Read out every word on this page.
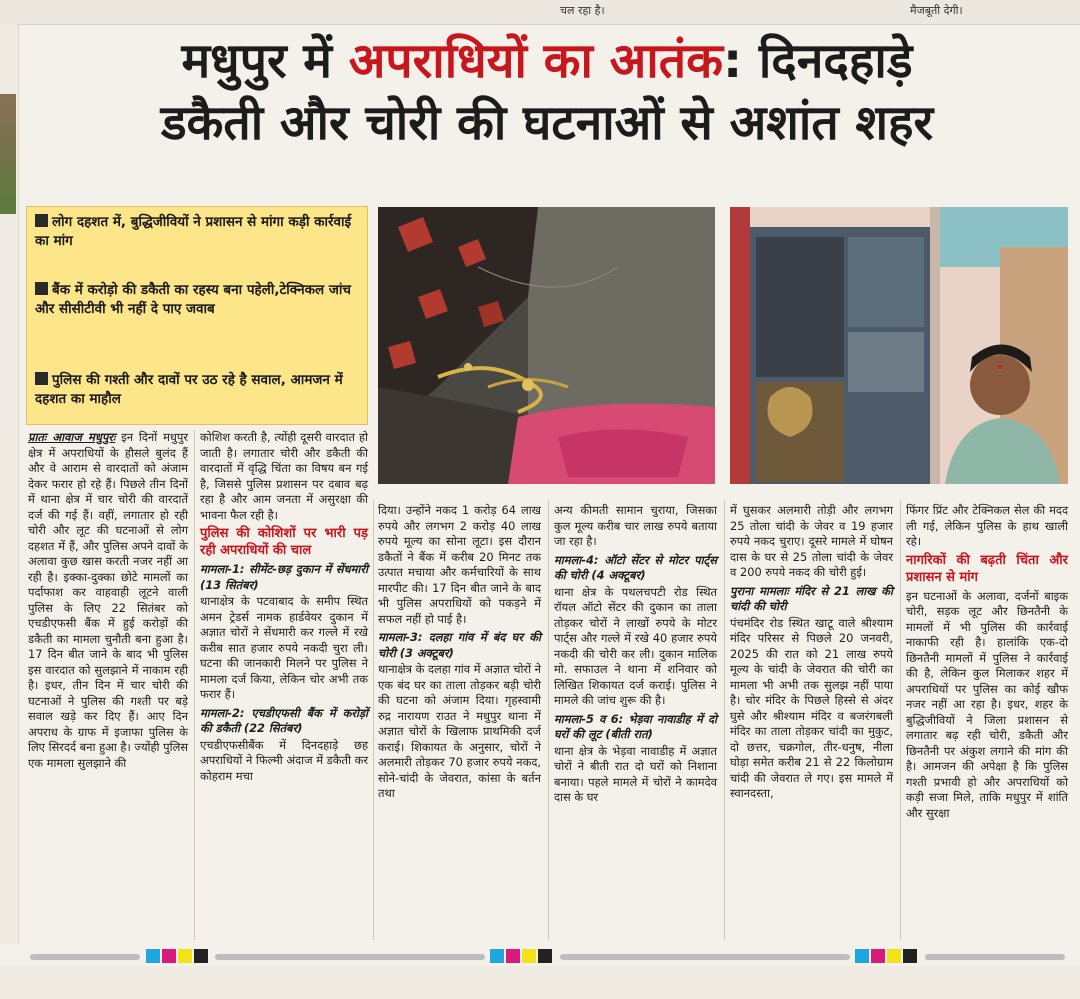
चल रहा है।	मैजबूती देगी।
मधुपुर में अपराधियों का आतंक: दिनदहाड़े
डकैती और चोरी की घटनाओं से अशांत शहर
लोग दहशत में, बुद्धिजीवियों ने प्रशासन से मांगा कड़ी कार्रवाई का मांग
बैंक में करोड़ो की डकैती का रहस्य बना पहेली,टेक्निकल जांच और सीसीटीवी भी नहीं दे पाए जवाब
पुलिस की गश्ती और दावों पर उठ रहे है सवाल, आमजन में दहशत का माहौल

प्रातः आवाज मधुपुरः इन दिनों मधुपुर क्षेत्र में अपराधियों के हौसले बुलंद हैं और वे आराम से वारदातों को अंजाम देकर फरार हो रहे हैं। पिछले तीन दिनों में थाना क्षेत्र में चार चोरी की वारदातें दर्ज की गई हैं। वहीं, लगातार हो रही चोरी और लूट की घटनाओं से लोग दहशत में हैं, और पुलिस अपने दावों के अलावा कुछ खास करती नजर नहीं आ रही है। इक्का-दुक्का छोटे मामलों का पर्दाफाश कर वाहवाही लूटने वाली पुलिस के लिए 22 सितंबर को एचडीएफसी बैंक में हुई करोड़ों की डकैती का मामला चुनौती बना हुआ है। 17 दिन बीत जाने के बाद भी पुलिस इस वारदात को सुलझाने में नाकाम रही है। इधर, तीन दिन में चार चोरी की घटनाओं ने पुलिस की गश्ती पर बड़े सवाल खड़े कर दिए हैं। आए दिन अपराध के ग्राफ में इजाफा पुलिस के लिए सिरदर्द बना हुआ है। ज्योंही पुलिस एक मामला सुलझाने की

कोशिश करती है, त्योंही दूसरी वारदात हो जाती है। लगातार चोरी और डकैती की वारदातों में वृद्धि चिंता का विषय बन गई है, जिससे पुलिस प्रशासन पर दबाव बढ़ रहा है और आम जनता में असुरक्षा की भावना फैल रही है।

पुलिस की कोशिशों पर भारी पड़ रही अपराधियों की चाल
मामला-1: सीमेंट-छड़ दुकान में सेंधमारी (13 सितंबर)

थानाक्षेत्र के पटवाबाद के समीप स्थित अमन ट्रेडर्स नामक हार्डवेयर दुकान में अज्ञात चोरों ने सेंधमारी कर गल्ले में रखे करीब सात हजार रुपये नकदी चुरा ली। घटना की जानकारी मिलने पर पुलिस ने मामला दर्ज किया, लेकिन चोर अभी तक फरार हैं।

मामला-2: एचडीएफसी बैंक में करोड़ों की डकैती (22 सितंबर)

एचडीएफसीबैंक में दिनदहाड़े छह अपराधियों ने फिल्मी अंदाज में डकैती कर कोहराम मचा

दिया। उन्होंने नकद 1 करोड़ 64 लाख रुपये और लगभग 2 करोड़ 40 लाख रुपये मूल्य का सोना लूटा। इस दौरान डकैतों ने बैंक में करीब 20 मिनट तक उत्पात मचाया और कर्मचारियों के साथ मारपीट की। 17 दिन बीत जाने के बाद भी पुलिस अपराधियों को पकड़ने में सफल नहीं हो पाई है।

मामला-3: दलहा गांव में बंद घर की चोरी (3 अक्टूबर)

थानाक्षेत्र के दलहा गांव में अज्ञात चोरों ने एक बंद घर का ताला तोड़कर बड़ी चोरी की घटना को अंजाम दिया। गृहस्वामी रुद्र नारायण राउत ने मधुपुर थाना में अज्ञात चोरों के खिलाफ प्राथमिकी दर्ज कराई। शिकायत के अनुसार, चोरों ने अलमारी तोड़कर 70 हजार रुपये नकद, सोने-चांदी के जेवरात, कांसा के बर्तन तथा

अन्य कीमती सामान चुराया, जिसका कुल मूल्य करीब चार लाख रुपये बताया जा रहा है।

मामला-4: ऑटो सेंटर से मोटर पार्ट्स की चोरी (4 अक्टूबर)

थाना क्षेत्र के पथलचपटी रोड स्थित रॉयल ऑटो सेंटर की दुकान का ताला तोड़कर चोरों ने लाखों रुपये के मोटर पार्ट्स और गल्ले में रखे 40 हजार रुपये नकदी की चोरी कर ली। दुकान मालिक मो. सफाउल ने थाना में शनिवार को लिखित शिकायत दर्ज कराई। पुलिस ने मामले की जांच शुरू की है।

मामला-5 व 6: भेड़वा नावाडीह में दो घरों की लूट (बीती रात)

थाना क्षेत्र के भेड़वा नावाडीह में अज्ञात चोरों ने बीती रात दो घरों को निशाना बनाया। पहले मामले में चोरों ने कामदेव दास के घर

में घुसकर अलमारी तोड़ी और लगभग 25 तोला चांदी के जेवर व 19 हजार रुपये नकद चुराए। दूसरे मामले में घोषन दास के घर से 25 तोला चांदी के जेवर व 200 रुपये नकद की चोरी हुई।

पुराना मामलाः मंदिर से 21 लाख की चांदी की चोरी

पंचमंदिर रोड स्थित खाटू वाले श्रीश्याम मंदिर परिसर से पिछले 20 जनवरी, 2025 की रात को 21 लाख रुपये मूल्य के चांदी के जेवरात की चोरी का मामला भी अभी तक सुलझ नहीं पाया है। चोर मंदिर के पिछले हिस्से से अंदर घुसे और श्रीश्याम मंदिर व बजरंगबली मंदिर का ताला तोड़कर चांदी का मुकुट, दो छत्तर, चक्रगोल, तीर-धनुष, नीला घोड़ा समेत करीब 21 से 22 किलोग्राम चांदी की जेवरात ले गए। इस मामले में स्वानदस्ता,

फिंगर प्रिंट और टेक्निकल सेल की मदद ली गई, लेकिन पुलिस के हाथ खाली रहे।

नागरिकों की बढ़ती चिंता और प्रशासन से मांग

इन घटनाओं के अलावा, दर्जनों बाइक चोरी, सड़क लूट और छिनतैनी के मामलों में भी पुलिस की कार्रवाई नाकाफी रही है। हालांकि एक-दो छिनतैनी मामलों में पुलिस ने कार्रवाई की है, लेकिन कुल मिलाकर शहर में अपराधियों पर पुलिस का कोई खौफ नजर नहीं आ रहा है। इधर, शहर के बुद्धिजीवियों ने जिला प्रशासन से लगातार बढ़ रही चोरी, डकैती और छिनतैनी पर अंकुश लगाने की मांग की है। आमजन की अपेक्षा है कि पुलिस गश्ती प्रभावी हो और अपराधियों को कड़ी सजा मिले, ताकि मधुपुर में शांति और सुरक्षा
